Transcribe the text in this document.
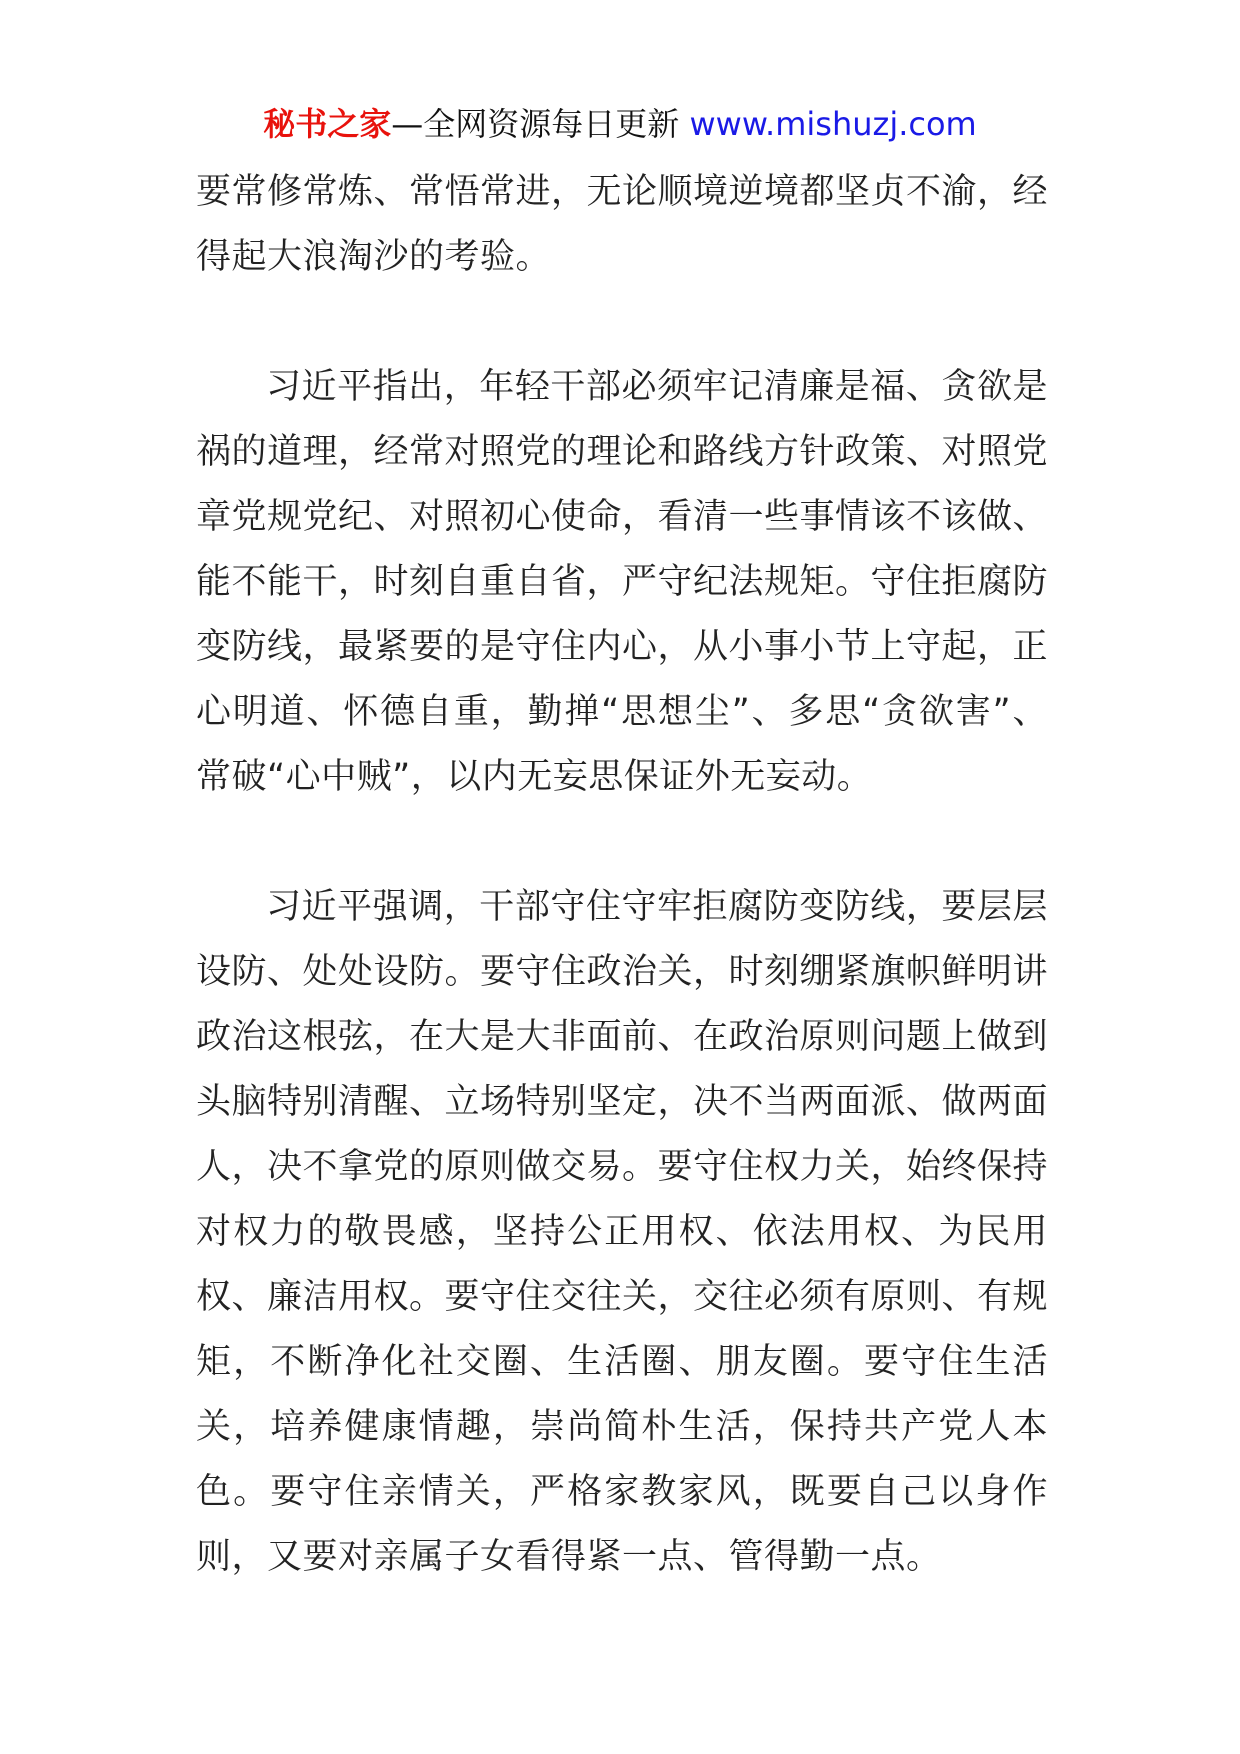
秘书之家—全网资源每日更新 www.mishuzj.com

要常修常炼、常悟常进，无论顺境逆境都坚贞不渝，经得起大浪淘沙的考验。

习近平指出，年轻干部必须牢记清廉是福、贪欲是祸的道理，经常对照党的理论和路线方针政策、对照党章党规党纪、对照初心使命，看清一些事情该不该做、能不能干，时刻自重自省，严守纪法规矩。守住拒腐防变防线，最紧要的是守住内心，从小事小节上守起，正心明道、怀德自重，勤掸“思想尘”、多思“贪欲害”、常破“心中贼”，以内无妄思保证外无妄动。

习近平强调，干部守住守牢拒腐防变防线，要层层设防、处处设防。要守住政治关，时刻绷紧旗帜鲜明讲政治这根弦，在大是大非面前、在政治原则问题上做到头脑特别清醒、立场特别坚定，决不当两面派、做两面人，决不拿党的原则做交易。要守住权力关，始终保持对权力的敬畏感，坚持公正用权、依法用权、为民用权、廉洁用权。要守住交往关，交往必须有原则、有规矩，不断净化社交圈、生活圈、朋友圈。要守住生活关，培养健康情趣，崇尚简朴生活，保持共产党人本色。要守住亲情关，严格家教家风，既要自己以身作则，又要对亲属子女看得紧一点、管得勤一点。
